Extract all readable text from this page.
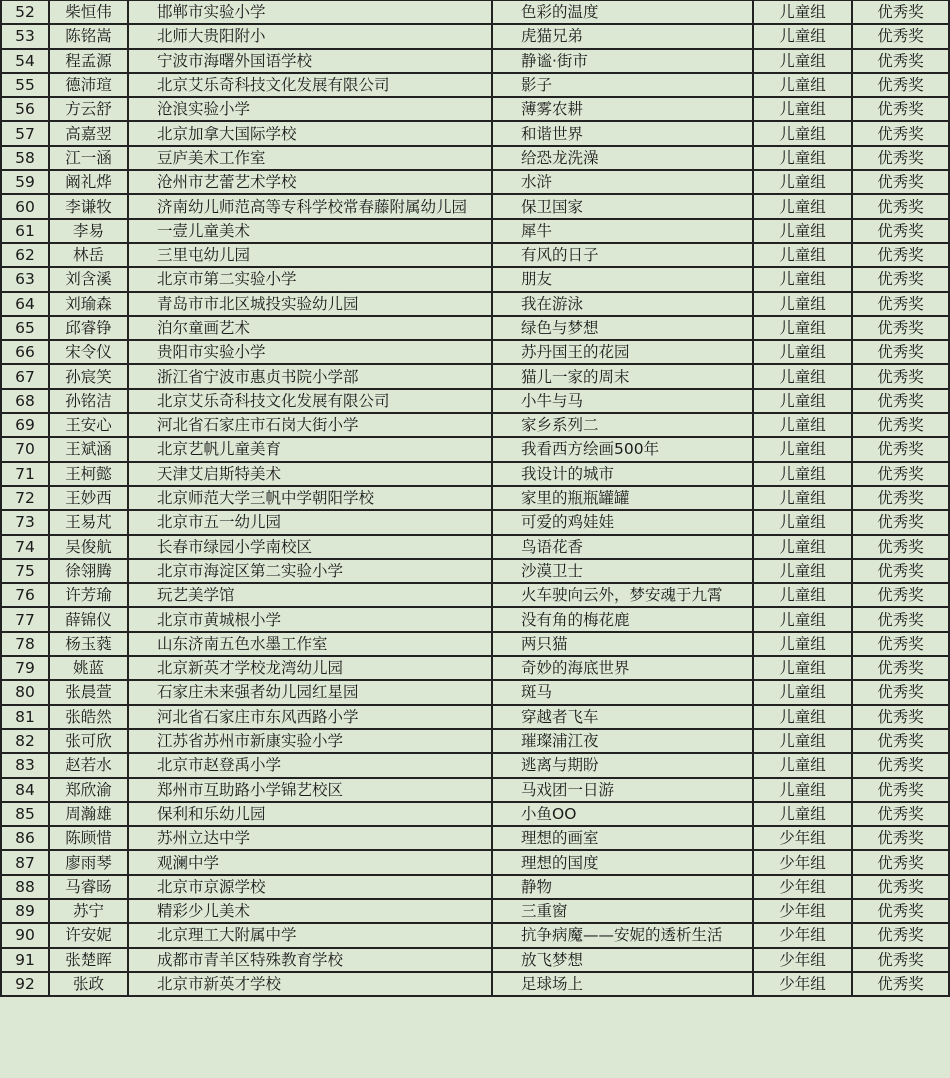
52	柴恒伟	邯郸市实验小学	色彩的温度	儿童组	优秀奖
53	陈铭嵩	北师大贵阳附小	虎猫兄弟	儿童组	优秀奖
54	程孟源	宁波市海曙外国语学校	静谧·街市	儿童组	优秀奖
55	德沛瑄	北京艾乐奇科技文化发展有限公司	影子	儿童组	优秀奖
56	方云舒	沧浪实验小学	薄雾农耕	儿童组	优秀奖
57	高嘉翌	北京加拿大国际学校	和谐世界	儿童组	优秀奖
58	江一涵	豆庐美术工作室	给恐龙洗澡	儿童组	优秀奖
59	阚礼烨	沧州市艺蕾艺术学校	水浒	儿童组	优秀奖
60	李谦牧	济南幼儿师范高等专科学校常春藤附属幼儿园	保卫国家	儿童组	优秀奖
61	李易	一壹儿童美术	犀牛	儿童组	优秀奖
62	林岳	三里屯幼儿园	有风的日子	儿童组	优秀奖
63	刘含溪	北京市第二实验小学	朋友	儿童组	优秀奖
64	刘瑜森	青岛市市北区城投实验幼儿园	我在游泳	儿童组	优秀奖
65	邱睿铮	泊尔童画艺术	绿色与梦想	儿童组	优秀奖
66	宋令仪	贵阳市实验小学	苏丹国王的花园	儿童组	优秀奖
67	孙宸笑	浙江省宁波市惠贞书院小学部	猫儿一家的周末	儿童组	优秀奖
68	孙铭洁	北京艾乐奇科技文化发展有限公司	小牛与马	儿童组	优秀奖
69	王安心	河北省石家庄市石岗大街小学	家乡系列二	儿童组	优秀奖
70	王斌涵	北京艺帆儿童美育	我看西方绘画500年	儿童组	优秀奖
71	王柯懿	天津艾启斯特美术	我设计的城市	儿童组	优秀奖
72	王妙西	北京师范大学三帆中学朝阳学校	家里的瓶瓶罐罐	儿童组	优秀奖
73	王易芃	北京市五一幼儿园	可爱的鸡娃娃	儿童组	优秀奖
74	吴俊航	长春市绿园小学南校区	鸟语花香	儿童组	优秀奖
75	徐翎腾	北京市海淀区第二实验小学	沙漠卫士	儿童组	优秀奖
76	许芳瑜	玩艺美学馆	火车驶向云外，梦安魂于九霄	儿童组	优秀奖
77	薛锦仪	北京市黄城根小学	没有角的梅花鹿	儿童组	优秀奖
78	杨玉蕤	山东济南五色水墨工作室	两只猫	儿童组	优秀奖
79	姚蓝	北京新英才学校龙湾幼儿园	奇妙的海底世界	儿童组	优秀奖
80	张晨萱	石家庄未来强者幼儿园红星园	斑马	儿童组	优秀奖
81	张皓然	河北省石家庄市东风西路小学	穿越者飞车	儿童组	优秀奖
82	张可欣	江苏省苏州市新康实验小学	璀璨浦江夜	儿童组	优秀奖
83	赵若水	北京市赵登禹小学	逃离与期盼	儿童组	优秀奖
84	郑欣渝	郑州市互助路小学锦艺校区	马戏团一日游	儿童组	优秀奖
85	周瀚雄	保利和乐幼儿园	小鱼OO	儿童组	优秀奖
86	陈顾惜	苏州立达中学	理想的画室	少年组	优秀奖
87	廖雨琴	观澜中学	理想的国度	少年组	优秀奖
88	马睿旸	北京市京源学校	静物	少年组	优秀奖
89	苏宁	精彩少儿美术	三重窗	少年组	优秀奖
90	许安妮	北京理工大附属中学	抗争病魔——安妮的透析生活	少年组	优秀奖
91	张楚晖	成都市青羊区特殊教育学校	放飞梦想	少年组	优秀奖
92	张政	北京市新英才学校	足球场上	少年组	优秀奖
